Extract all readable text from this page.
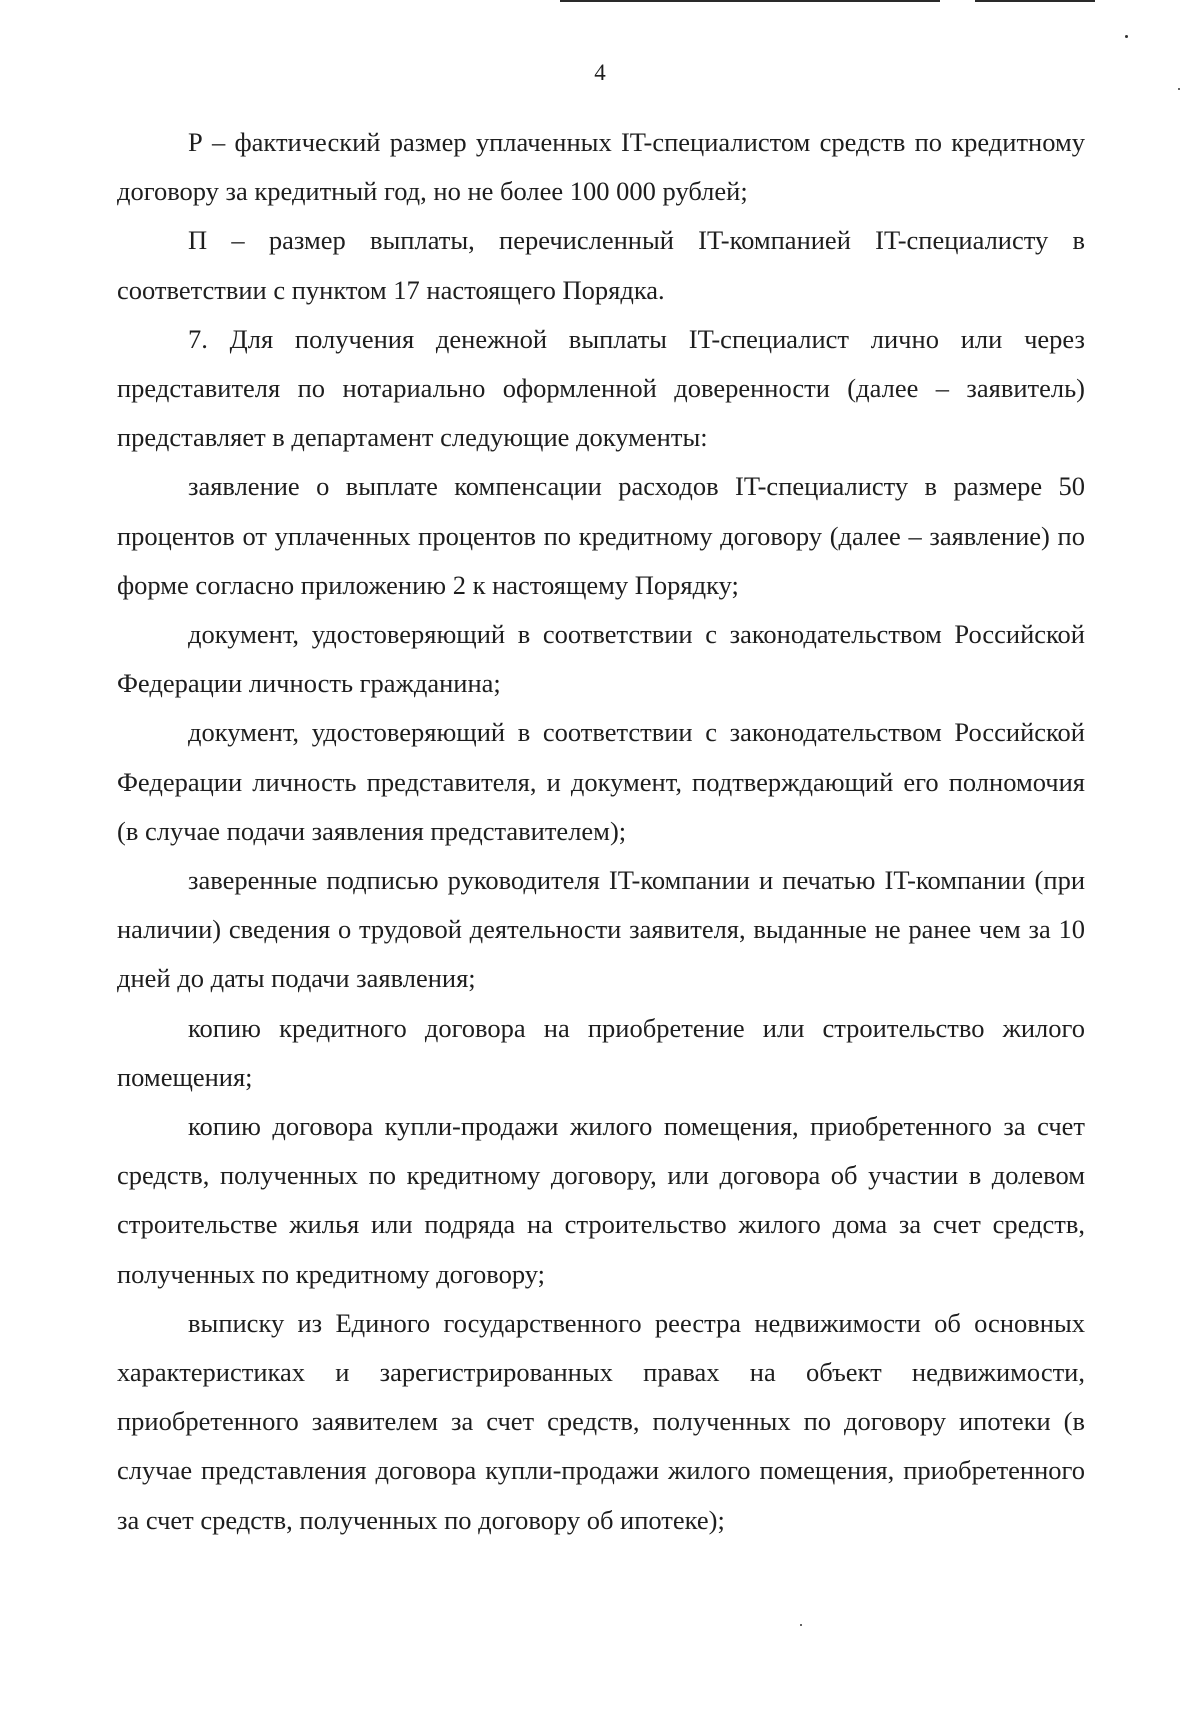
4

Р – фактический размер уплаченных IT-специалистом средств по кредитному договору за кредитный год, но не более 100 000 рублей;

П – размер выплаты, перечисленный IT-компанией IT-специалисту в соответствии с пунктом 17 настоящего Порядка.

7. Для получения денежной выплаты IT-специалист лично или через представителя по нотариально оформленной доверенности (далее – заявитель) представляет в департамент следующие документы:

заявление о выплате компенсации расходов IT-специалисту в размере 50 процентов от уплаченных процентов по кредитному договору (далее – заявление) по форме согласно приложению 2 к настоящему Порядку;

документ, удостоверяющий в соответствии с законодательством Российской Федерации личность гражданина;

документ, удостоверяющий в соответствии с законодательством Российской Федерации личность представителя, и документ, подтверждающий его полномочия (в случае подачи заявления представителем);

заверенные подписью руководителя IT-компании и печатью IT-компании (при наличии) сведения о трудовой деятельности заявителя, выданные не ранее чем за 10 дней до даты подачи заявления;

копию кредитного договора на приобретение или строительство жилого помещения;

копию договора купли-продажи жилого помещения, приобретенного за счет средств, полученных по кредитному договору, или договора об участии в долевом строительстве жилья или подряда на строительство жилого дома за счет средств, полученных по кредитному договору;

выписку из Единого государственного реестра недвижимости об основных характеристиках и зарегистрированных правах на объект недвижимости, приобретенного заявителем за счет средств, полученных по договору ипотеки (в случае представления договора купли-продажи жилого помещения, приобретенного за счет средств, полученных по договору об ипотеке);
